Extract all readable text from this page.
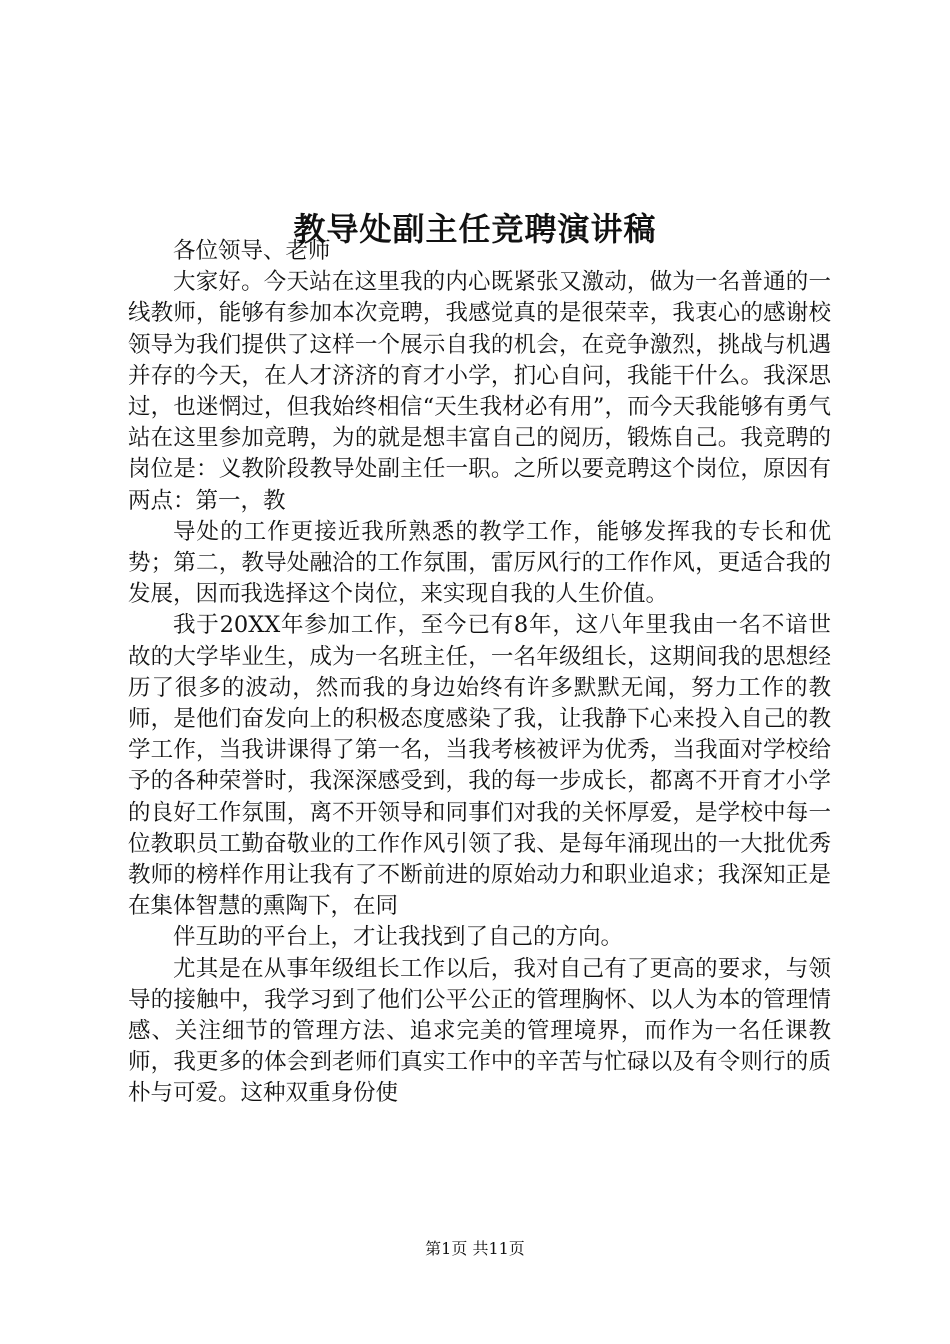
教导处副主任竞聘演讲稿

各位领导、老师

大家好。今天站在这里我的内心既紧张又激动，做为一名普通的一线教师，能够有参加本次竞聘，我感觉真的是很荣幸，我衷心的感谢校领导为我们提供了这样一个展示自我的机会，在竞争激烈，挑战与机遇并存的今天，在人才济济的育才小学，扪心自问，我能干什么。我深思过，也迷惘过，但我始终相信“天生我材必有用”，而今天我能够有勇气站在这里参加竞聘，为的就是想丰富自己的阅历，锻炼自己。我竞聘的岗位是：义教阶段教导处副主任一职。之所以要竞聘这个岗位，原因有两点：第一，教

导处的工作更接近我所熟悉的教学工作，能够发挥我的专长和优势；第二，教导处融洽的工作氛围，雷厉风行的工作作风，更适合我的发展，因而我选择这个岗位，来实现自我的人生价值。

我于20XX年参加工作，至今已有8年，这八年里我由一名不谙世故的大学毕业生，成为一名班主任，一名年级组长，这期间我的思想经历了很多的波动，然而我的身边始终有许多默默无闻，努力工作的教师，是他们奋发向上的积极态度感染了我，让我静下心来投入自己的教学工作，当我讲课得了第一名，当我考核被评为优秀，当我面对学校给予的各种荣誉时，我深深感受到，我的每一步成长，都离不开育才小学的良好工作氛围，离不开领导和同事们对我的关怀厚爱，是学校中每一位教职员工勤奋敬业的工作作风引领了我、是每年涌现出的一大批优秀教师的榜样作用让我有了不断前进的原始动力和职业追求；我深知正是在集体智慧的熏陶下，在同

伴互助的平台上，才让我找到了自己的方向。

尤其是在从事年级组长工作以后，我对自己有了更高的要求，与领导的接触中，我学习到了他们公平公正的管理胸怀、以人为本的管理情感、关注细节的管理方法、追求完美的管理境界，而作为一名任课教师，我更多的体会到老师们真实工作中的辛苦与忙碌以及有令则行的质朴与可爱。这种双重身份使

第1页 共11页
